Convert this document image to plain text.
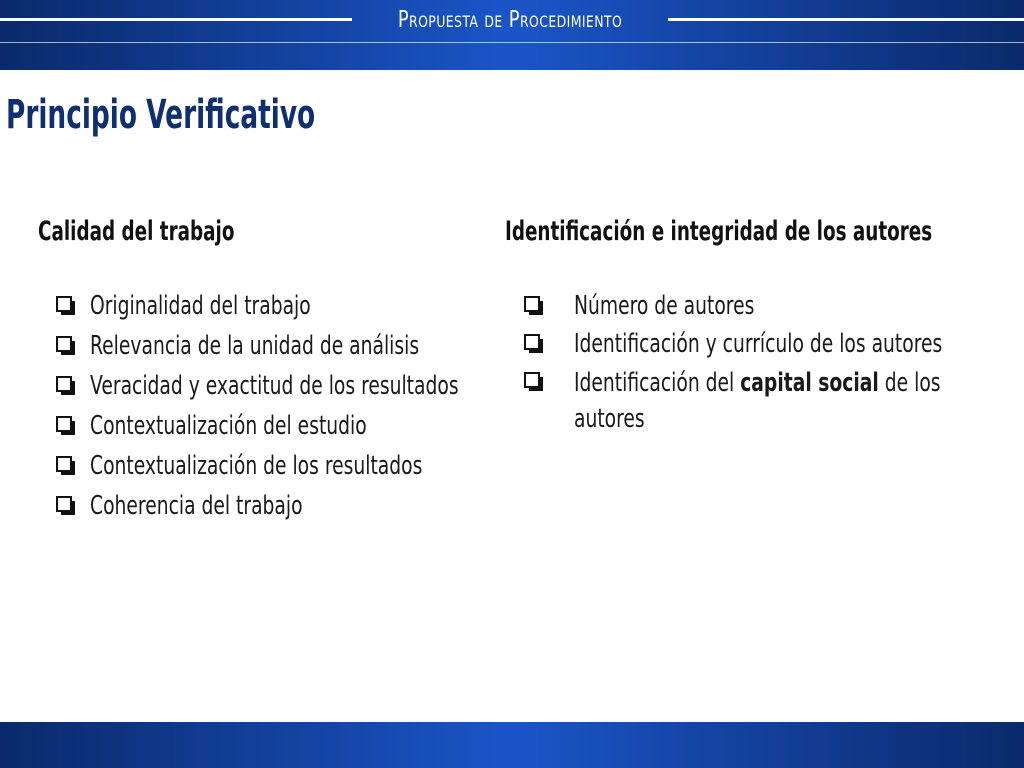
Propuesta de Procedimiento
Principio Verificativo
Calidad del trabajo	Identificación e integridad de los autores
Originalidad del trabajo
Relevancia de la unidad de análisis
Veracidad y exactitud de los resultados
Contextualización del estudio
Contextualización de los resultados
Coherencia del trabajo
Número de autores
Identificación y currículo de los autores
Identificación del capital social de los autores
